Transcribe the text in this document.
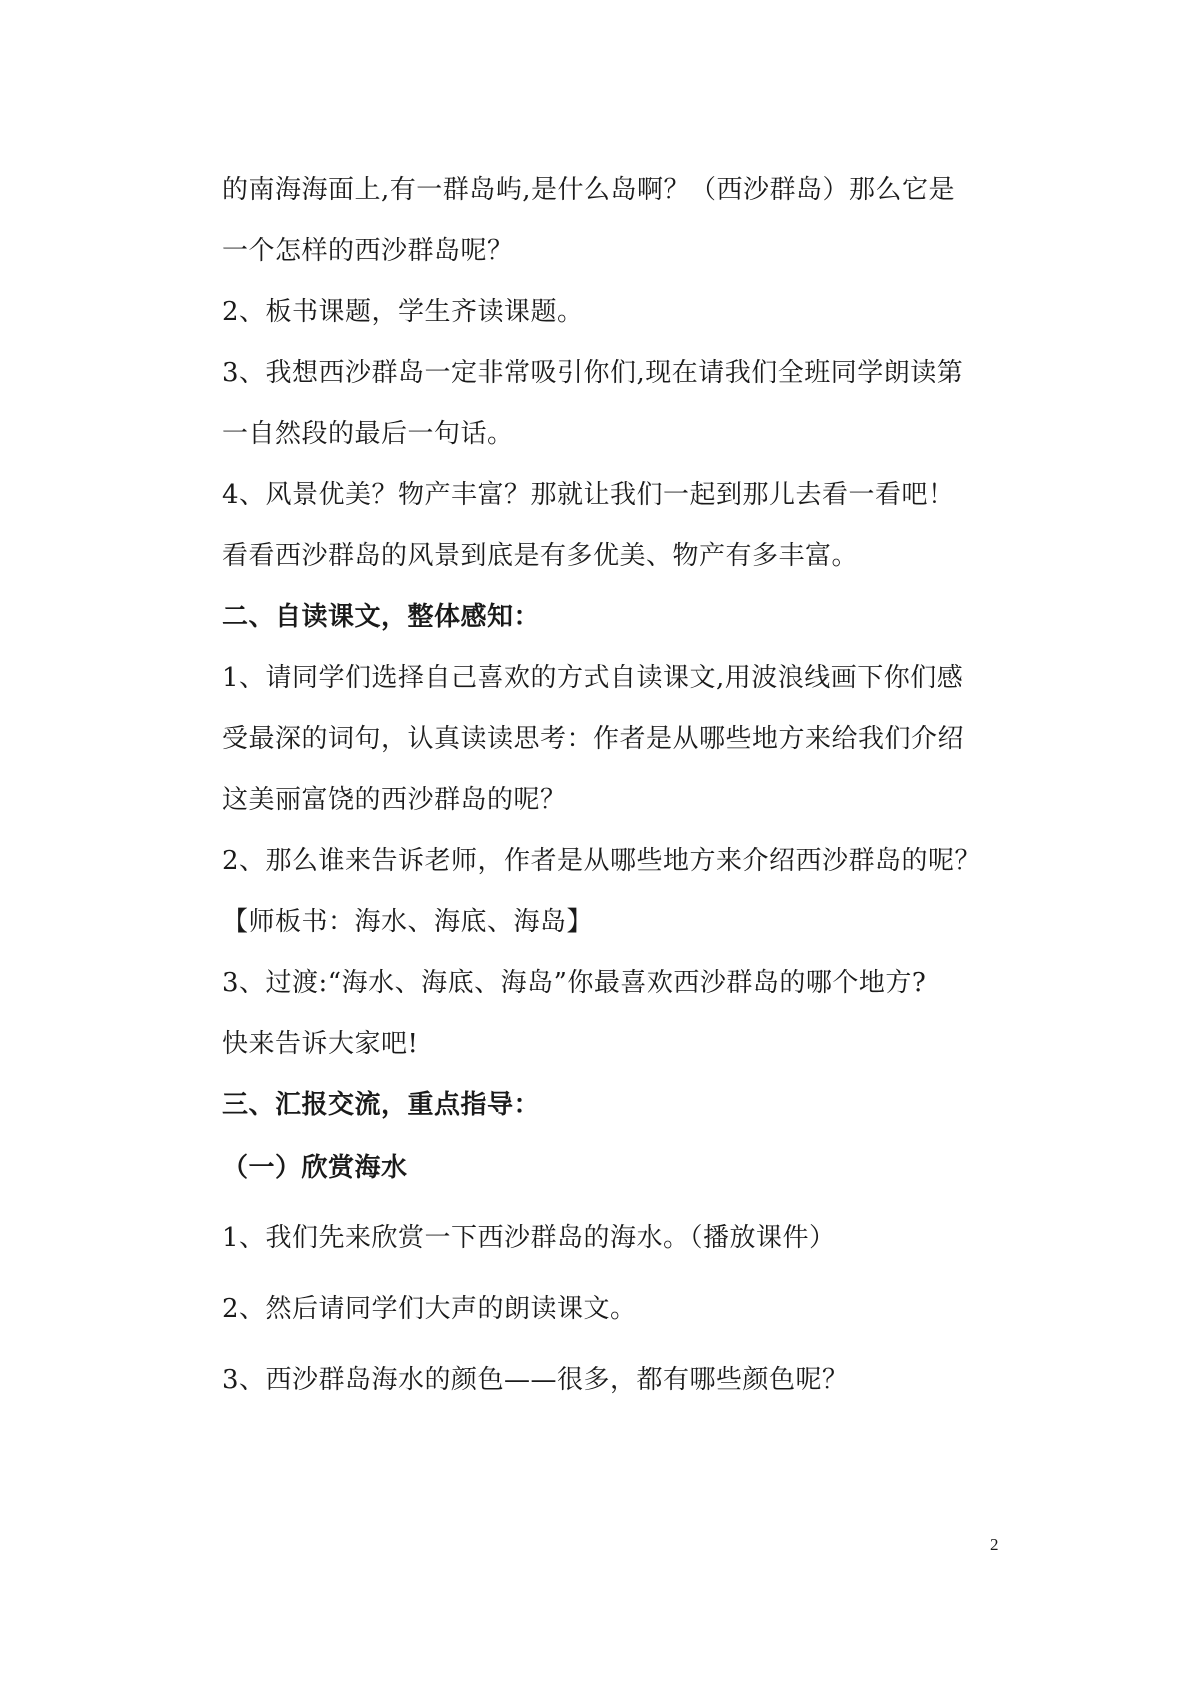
的南海海面上,有一群岛屿,是什么岛啊？（西沙群岛）那么它是
一个怎样的西沙群岛呢？
2、板书课题，学生齐读课题。
3、我想西沙群岛一定非常吸引你们,现在请我们全班同学朗读第
一自然段的最后一句话。
4、风景优美？物产丰富？那就让我们一起到那儿去看一看吧！
看看西沙群岛的风景到底是有多优美、物产有多丰富。
二、自读课文，整体感知：
1、请同学们选择自己喜欢的方式自读课文,用波浪线画下你们感
受最深的词句，认真读读思考：作者是从哪些地方来给我们介绍
这美丽富饶的西沙群岛的呢？
2、那么谁来告诉老师，作者是从哪些地方来介绍西沙群岛的呢？
【师板书：海水、海底、海岛】
3、过渡:“海水、海底、海岛”你最喜欢西沙群岛的哪个地方?
快来告诉大家吧!
三、汇报交流，重点指导：
（一）欣赏海水
1、我们先来欣赏一下西沙群岛的海水。（播放课件）
2、然后请同学们大声的朗读课文。
3、西沙群岛海水的颜色——很多，都有哪些颜色呢？
2
